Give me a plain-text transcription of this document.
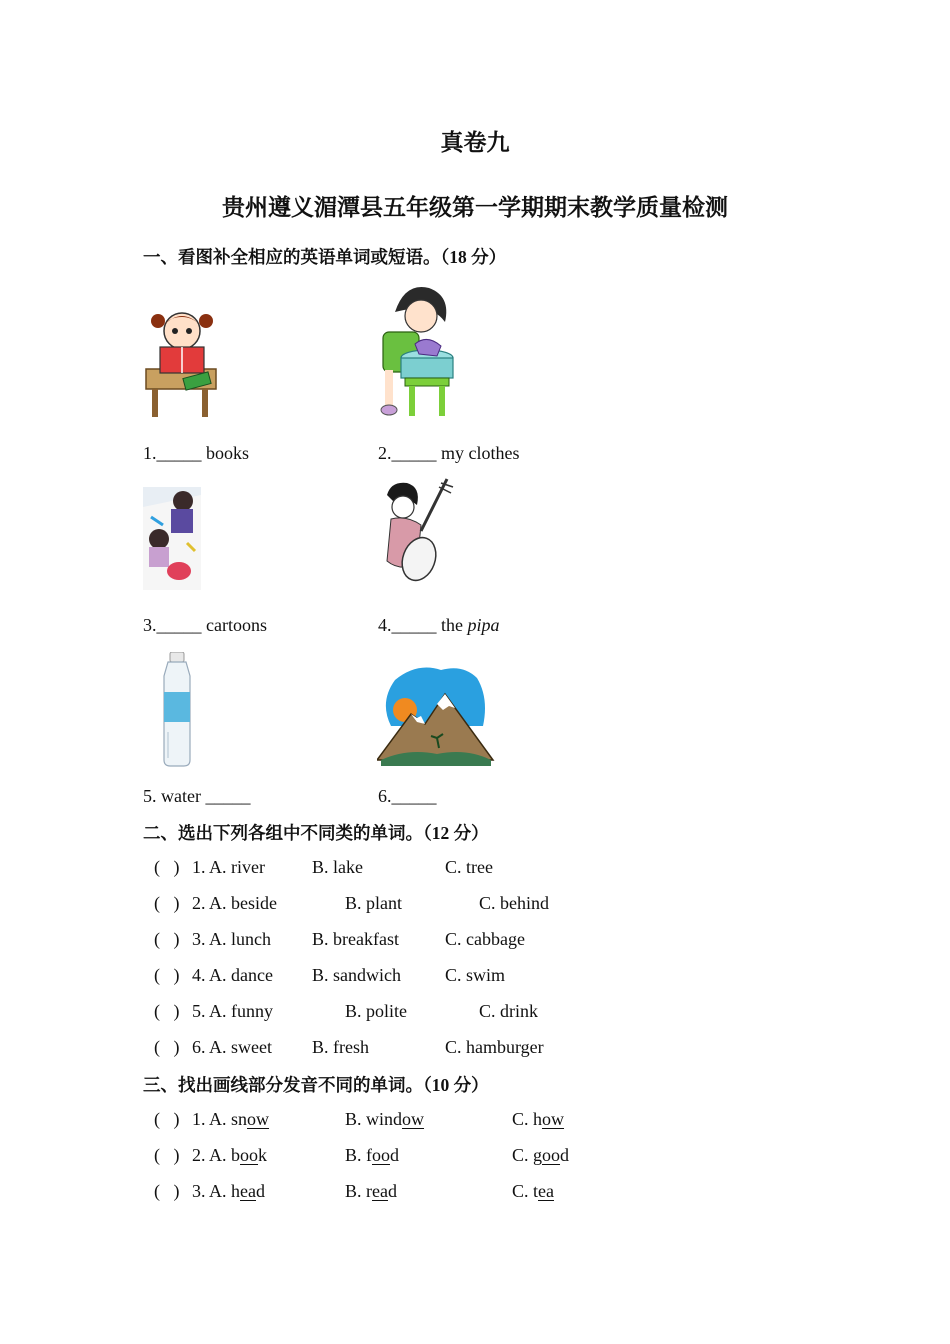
真卷九
贵州遵义湄潭县五年级第一学期期末教学质量检测
一、看图补全相应的英语单词或短语。（18 分）
1._____ books	2._____ my clothes
3._____ cartoons	4._____ the pipa
5. water _____	6._____
二、选出下列各组中不同类的单词。（12 分）
(   ) 1. A. river	B. lake	C. tree
(   ) 2. A. beside	B. plant	C. behind
(   ) 3. A. lunch B. breakfast	C. cabbage
(   ) 4. A. dance B. sandwich C. swim
(   ) 5. A. funny	B. polite	C. drink
(   ) 6. A. sweet B. fresh	C. hamburger
三、找出画线部分发音不同的单词。（10 分）
(   ) 1. A. snow	B. window	C. how
(   ) 2. A. book	B. food	C. good
(   ) 3. A. head	B. read	C. tea
